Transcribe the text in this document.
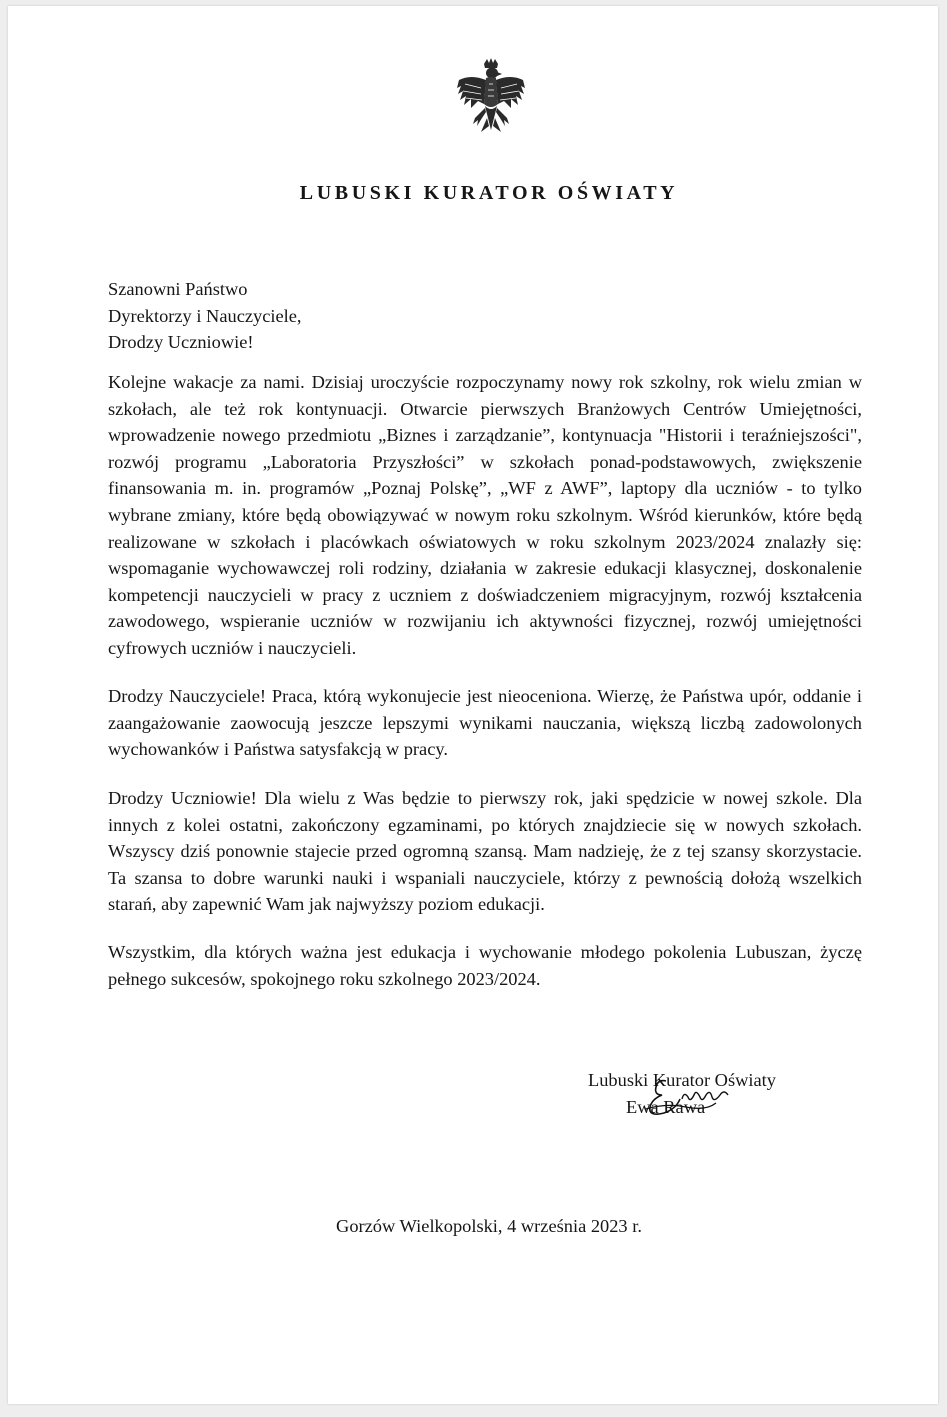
LUBUSKI KURATOR OŚWIATY
Szanowni Państwo
Dyrektorzy i Nauczyciele,
Drodzy Uczniowie!
Kolejne wakacje za nami. Dzisiaj uroczyście rozpoczynamy nowy rok szkolny, rok wielu zmian w szkołach, ale też rok kontynuacji. Otwarcie pierwszych Branżowych Centrów Umiejętności, wprowadzenie nowego przedmiotu „Biznes i zarządzanie”, kontynuacja "Historii i teraźniejszości", rozwój programu „Laboratoria Przyszłości” w szkołach ponad-podstawowych, zwiększenie finansowania m. in. programów „Poznaj Polskę”, „WF z AWF”, laptopy dla uczniów - to tylko wybrane zmiany, które będą obowiązywać w nowym roku szkolnym. Wśród kierunków, które będą realizowane w szkołach i placówkach oświatowych w roku szkolnym 2023/2024 znalazły się: wspomaganie wychowawczej roli rodziny, działania w zakresie edukacji klasycznej, doskonalenie kompetencji nauczycieli w pracy z uczniem z doświadczeniem migracyjnym, rozwój kształcenia zawodowego, wspieranie uczniów w rozwijaniu ich aktywności fizycznej, rozwój umiejętności cyfrowych uczniów i nauczycieli.
Drodzy Nauczyciele! Praca, którą wykonujecie jest nieoceniona. Wierzę, że Państwa upór, oddanie i zaangażowanie zaowocują jeszcze lepszymi wynikami nauczania, większą liczbą zadowolonych wychowanków i Państwa satysfakcją w pracy.
Drodzy Uczniowie! Dla wielu z Was będzie to pierwszy rok, jaki spędzicie w nowej szkole. Dla innych z kolei ostatni, zakończony egzaminami, po których znajdziecie się w nowych szkołach. Wszyscy dziś ponownie stajecie przed ogromną szansą. Mam nadzieję, że z tej szansy skorzystacie. Ta szansa to dobre warunki nauki i wspaniali nauczyciele, którzy z pewnością dołożą wszelkich starań, aby zapewnić Wam jak najwyższy poziom edukacji.
Wszystkim, dla których ważna jest edukacja i wychowanie młodego pokolenia Lubuszan, życzę pełnego sukcesów, spokojnego roku szkolnego 2023/2024.
Lubuski Kurator Oświaty
Ewa Rawa
Gorzów Wielkopolski, 4 września 2023 r.
